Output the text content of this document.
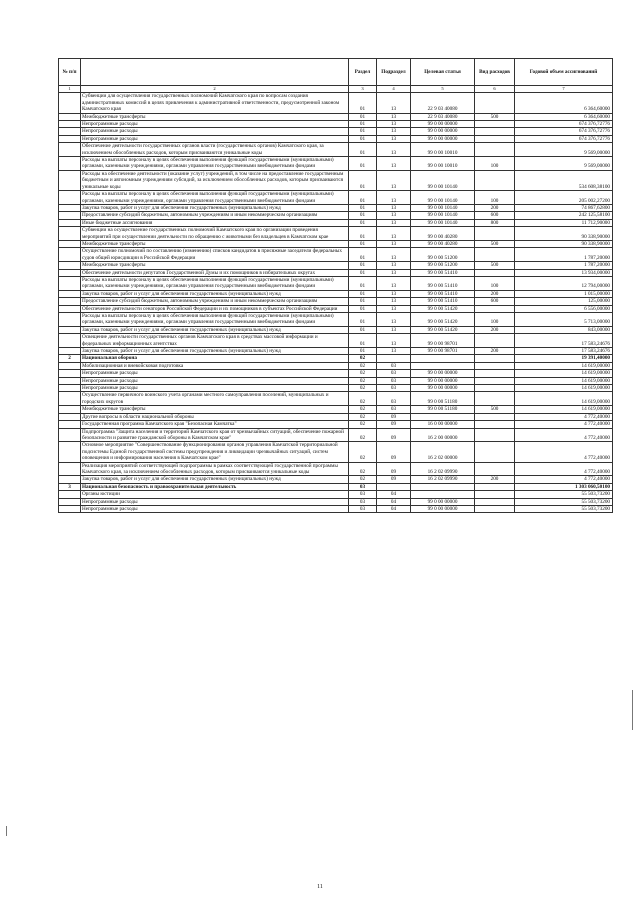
№ п/п		Раздел	Подраздел	Целевая статья	Вид расходов	Годовой объем ассигнований
1	2	3	4	5	6	7
	Субвенции для осуществления государственных полномочий Камчатского края по вопросам создания административных комиссий в целях привлечения к административной ответственности, предусмотренной законом Камчатского края	01	13	22 9 03 40080		6 364,60000
	Межбюджетные трансферты	01	13	22 9 03 40080	500	6 364,60000
	Непрограммные расходы	01	13	99 0 00 00000		674 376,72776
	Непрограммные расходы	01	13	99 0 00 00000		674 376,72776
	Непрограммные расходы	01	13	99 0 00 00000		674 376,72776
	Обеспечение деятельности государственных органов власти (государственных органов) Камчатского края, за исключением обособленных расходов, которым присваиваются уникальные коды	01	13	99 0 00 10010		9 569,00000
	Расходы на выплаты персоналу в целях обеспечения выполнения функций государственными (муниципальными) органами, казенными учреждениями, органами управления государственными внебюджетными фондами	01	13	99 0 00 10010	100	9 569,00000
	Расходы на обеспечение деятельности (оказание услуг) учреждений, в том числе на предоставление государственным бюджетным и автономным учреждениям субсидий, за исключением обособленных расходов, которым присваиваются уникальные коды	01	13	99 0 00 10140		534 608,38100
	Расходы на выплаты персоналу в целях обеспечения выполнения функций государственными (муниципальными) органами, казенными учреждениями, органами управления государственными внебюджетными фондами	01	13	99 0 00 10140	100	205 002,27200
	Закупка товаров, работ и услуг для обеспечения государственных (муниципальных) нужд	01	13	99 0 00 10140	200	74 867,62800
	Предоставление субсидий бюджетным, автономным учреждениям и иным некоммерческим организациям	01	13	99 0 00 10140	600	242 125,58100
	Иные бюджетные ассигнования	01	13	99 0 00 10140	800	11 712,90000
	Субвенции на осуществление государственных полномочий Камчатского края по организации проведения мероприятий при осуществлении деятельности по обращению с животными без владельцев в Камчатском крае	01	13	99 0 00 40280		90 338,90000
	Межбюджетные трансферты	01	13	99 0 00 40280	500	90 338,90000
	Осуществление полномочий по составлению (изменению) списков кандидатов в присяжные заседатели федеральных судов общей юрисдикции в Российской Федерации	01	13	99 0 00 51200		1 787,20000
	Межбюджетные трансферты	01	13	99 0 00 51200	500	1 787,20000
	Обеспечение деятельности депутатов Государственной Думы и их помощников в избирательных округах	01	13	99 0 00 51410		13 934,00000
	Расходы на выплаты персоналу в целях обеспечения выполнения функций государственными (муниципальными) органами, казенными учреждениями, органами управления государственными внебюджетными фондами	01	13	99 0 00 51410	100	12 794,00000
	Закупка товаров, работ и услуг для обеспечения государственных (муниципальных) нужд	01	13	99 0 00 51410	200	1 015,00000
	Предоставление субсидий бюджетным, автономным учреждениям и иным некоммерческим организациям	01	13	99 0 00 51410	600	125,00000
	Обеспечение деятельности сенаторов Российской Федерации и их помощников в субъектах Российской Федерации	01	13	99 0 00 51420		6 556,00000
	Расходы на выплаты персоналу в целях обеспечения выполнения функций государственными (муниципальными) органами, казенными учреждениями, органами управления государственными внебюджетными фондами	01	13	99 0 00 51420	100	5 713,00000
	Закупка товаров, работ и услуг для обеспечения государственных (муниципальных) нужд	01	13	99 0 00 51420	200	843,00000
	Освещение деятельности государственных органов Камчатского края в средствах массовой информации и федеральных информационных агентствах	01	13	99 0 00 98701		17 583,24676
	Закупка товаров, работ и услуг для обеспечения государственных (муниципальных) нужд	01	13	99 0 00 98701	200	17 583,24676
2	Национальная оборона	02				19 391,40000
	Мобилизационная и вневойсковая подготовка	02	03			14 619,00000
	Непрограммные расходы	02	03	99 0 00 00000		14 619,00000
	Непрограммные расходы	02	03	99 0 00 00000		14 619,00000
	Непрограммные расходы	02	03	99 0 00 00000		14 619,00000
	Осуществление первичного воинского учета органами местного самоуправления поселений, муниципальных и городских округов	02	03	99 0 00 51180		14 619,00000
	Межбюджетные трансферты	02	03	99 0 00 51180	500	14 619,00000
	Другие вопросы в области национальной обороны	02	09			4 772,40000
	Государственная программа Камчатского края "Безопасная Камчатка"	02	09	16 0 00 00000		4 772,40000
	Подпрограмма "Защита населения и территорий Камчатского края от чрезвычайных ситуаций, обеспечение пожарной безопасности и развитие гражданской обороны в Камчатском крае"	02	09	16 2 00 00000		4 772,40000
	Основное мероприятие "Совершенствование функционирования органов управления Камчатской территориальной подсистемы Единой государственной системы предупреждения и ликвидации чрезвычайных ситуаций, систем оповещения и информирования населения в Камчатском крае"	02	09	16 2 02 00000		4 772,40000
	Реализация мероприятий соответствующей подпрограммы в рамках соответствующей государственной программы Камчатского края, за исключением обособленных расходов, которым присваиваются уникальные коды	02	09	16 2 02 09990		4 772,40000
	Закупка товаров, работ и услуг для обеспечения государственных (муниципальных) нужд	02	09	16 2 02 09990	200	4 772,40000
3	Национальная безопасность и правоохранительная деятельность	03				1 303 060,50100
	Органы юстиции	03	04			55 503,73200
	Непрограммные расходы	03	04	99 0 00 00000		55 503,73200
	Непрограммные расходы	03	04	99 0 00 00000		55 503,73200
11
